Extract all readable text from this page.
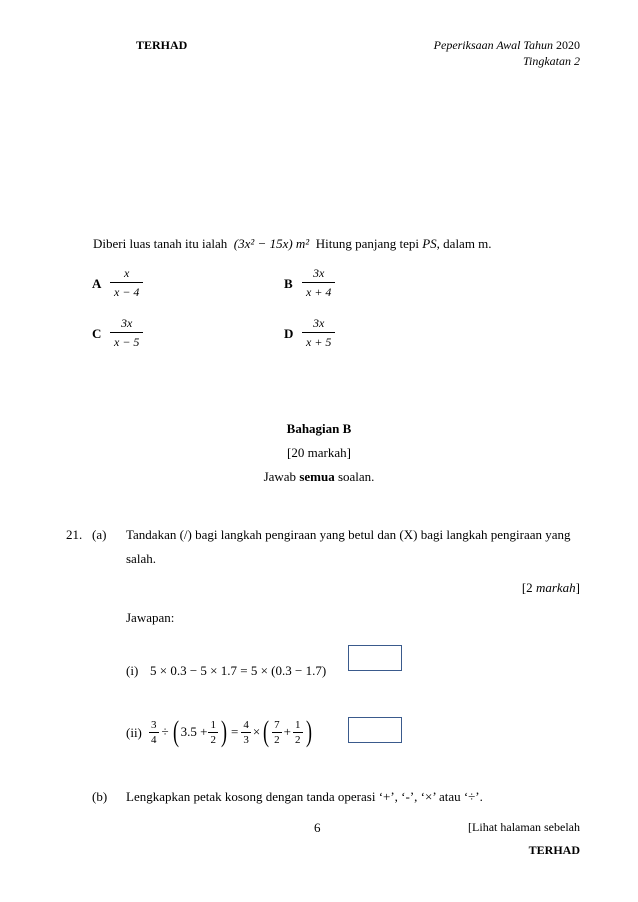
TERHAD	Peperiksaan Awal Tahun 2020
Tingkatan 2
Diberi luas tanah itu ialah (3x² − 15x) m² Hitung panjang tepi PS, dalam m.
A $\frac{x}{x - 4}$	B $\frac{3x}{x + 4}$
C $\frac{3x}{x - 5}$	D $\frac{3x}{x + 5}$
Bahagian B
[20 markah]
Jawab semua soalan.
21. (a) Tandakan (/) bagi langkah pengiraan yang betul dan (X) bagi langkah pengiraan yang
salah.
[2 markah]
Jawapan:
(i) 5 × 0.3 − 5 × 1.7 = 5 × (0.3 − 1.7)
$(ii) \frac{3}{4}$ ÷ ( $3.5 + \frac{1}{2}$ ) = $\frac{4}{3}$ × ( $\frac{7}{2} + \frac{1}{2}$ )
(b) Lengkapkan petak kosong dengan tanda operasi ‘+’, ‘-’, ‘×’ atau ‘÷’.
6	[Lihat halaman sebelah
TERHAD
